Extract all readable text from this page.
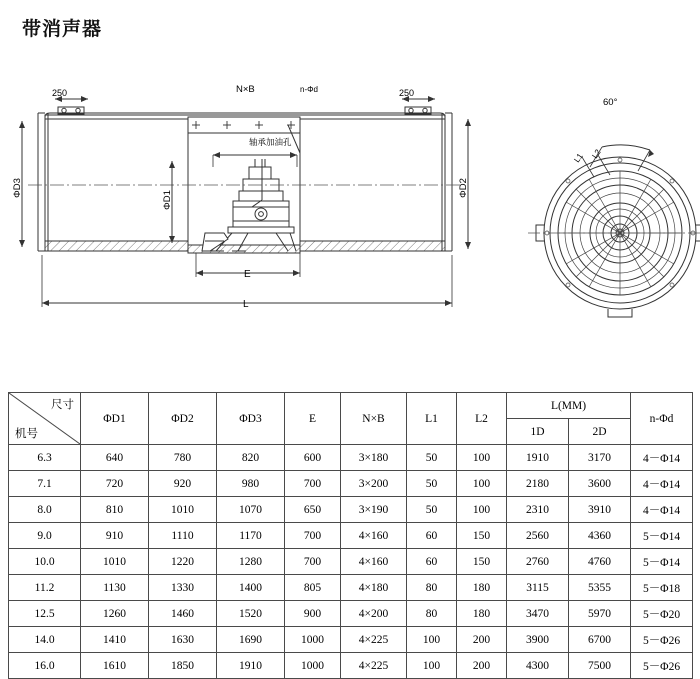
带消声器
250	250
N×B	n-Φd
轴承加油孔
E
L
60°
L1 L2
ΦD3
ΦD1
ΦD2
尺寸
机号	ΦD1	ΦD2	ΦD3	E	N×B	L1	L2	L(MM)		n-Φd
								1D	2D	
6.3	640	780	820	600	3×180	50	100	1910	3170	4－Φ14
7.1	720	920	980	700	3×200	50	100	2180	3600	4－Φ14
8.0	810	1010	1070	650	3×190	50	100	2310	3910	4－Φ14
9.0	910	1110	1170	700	4×160	60	150	2560	4360	5－Φ14
10.0	1010	1220	1280	700	4×160	60	150	2760	4760	5－Φ14
11.2	1130	1330	1400	805	4×180	80	180	3115	5355	5－Φ18
12.5	1260	1460	1520	900	4×200	80	180	3470	5970	5－Φ20
14.0	1410	1630	1690	1000	4×225	100	200	3900	6700	5－Φ26
16.0	1610	1850	1910	1000	4×225	100	200	4300	7500	5－Φ26
